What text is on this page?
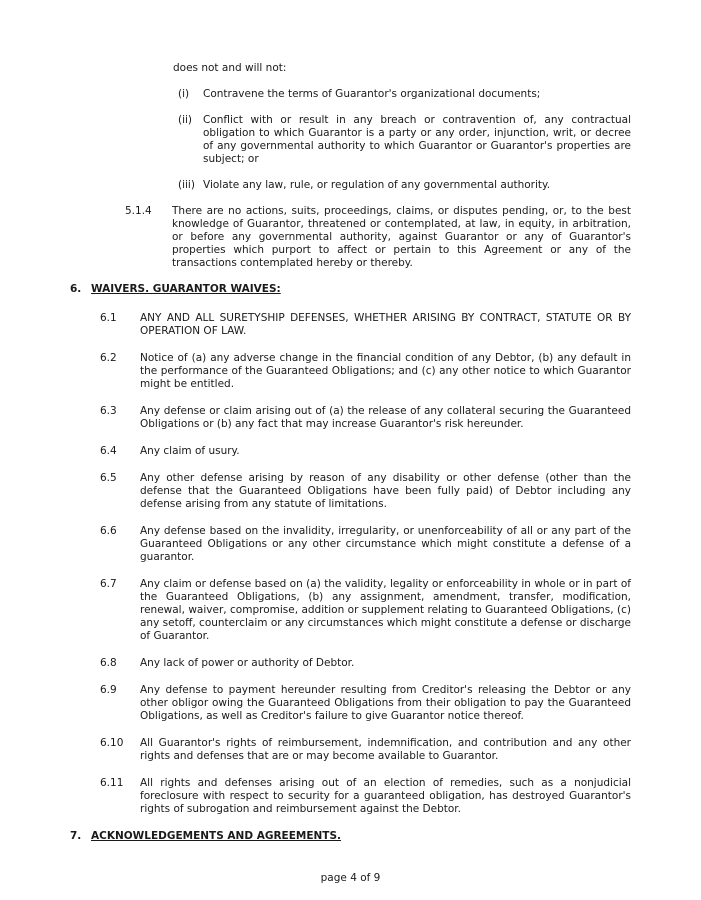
does not and will not:

(i)	Contravene the terms of Guarantor's organizational documents;
(ii)	Conflict with or result in any breach or contravention of, any contractual obligation to which Guarantor is a party or any order, injunction, writ, or decree of any governmental authority to which Guarantor or Guarantor's properties are subject; or
(iii) Violate any law, rule, or regulation of any governmental authority.
5.1.4	There are no actions, suits, proceedings, claims, or disputes pending, or, to the best knowledge of Guarantor, threatened or contemplated, at law, in equity, in arbitration, or before any governmental authority, against Guarantor or any of Guarantor's properties which purport to affect or pertain to this Agreement or any of the transactions contemplated hereby or thereby.
6. WAIVERS. GUARANTOR WAIVES:
6.1	ANY AND ALL SURETYSHIP DEFENSES, WHETHER ARISING BY CONTRACT, STATUTE OR BY OPERATION OF LAW.
6.2	Notice of (a) any adverse change in the financial condition of any Debtor, (b) any default in the performance of the Guaranteed Obligations; and (c) any other notice to which Guarantor might be entitled.
6.3	Any defense or claim arising out of (a) the release of any collateral securing the Guaranteed Obligations or (b) any fact that may increase Guarantor's risk hereunder.
6.4	Any claim of usury.
6.5	Any other defense arising by reason of any disability or other defense (other than the defense that the Guaranteed Obligations have been fully paid) of Debtor including any defense arising from any statute of limitations.
6.6	Any defense based on the invalidity, irregularity, or unenforceability of all or any part of the Guaranteed Obligations or any other circumstance which might constitute a defense of a guarantor.
6.7	Any claim or defense based on (a) the validity, legality or enforceability in whole or in part of the Guaranteed Obligations, (b) any assignment, amendment, transfer, modification, renewal, waiver, compromise, addition or supplement relating to Guaranteed Obligations, (c) any setoff, counterclaim or any circumstances which might constitute a defense or discharge of Guarantor.
6.8	Any lack of power or authority of Debtor.
6.9	Any defense to payment hereunder resulting from Creditor's releasing the Debtor or any other obligor owing the Guaranteed Obligations from their obligation to pay the Guaranteed Obligations, as well as Creditor's failure to give Guarantor notice thereof.
6.10	All Guarantor's rights of reimbursement, indemnification, and contribution and any other rights and defenses that are or may become available to Guarantor.
6.11	All rights and defenses arising out of an election of remedies, such as a nonjudicial foreclosure with respect to security for a guaranteed obligation, has destroyed Guarantor's rights of subrogation and reimbursement against the Debtor.
7. ACKNOWLEDGEMENTS AND AGREEMENTS.
page 4 of 9
